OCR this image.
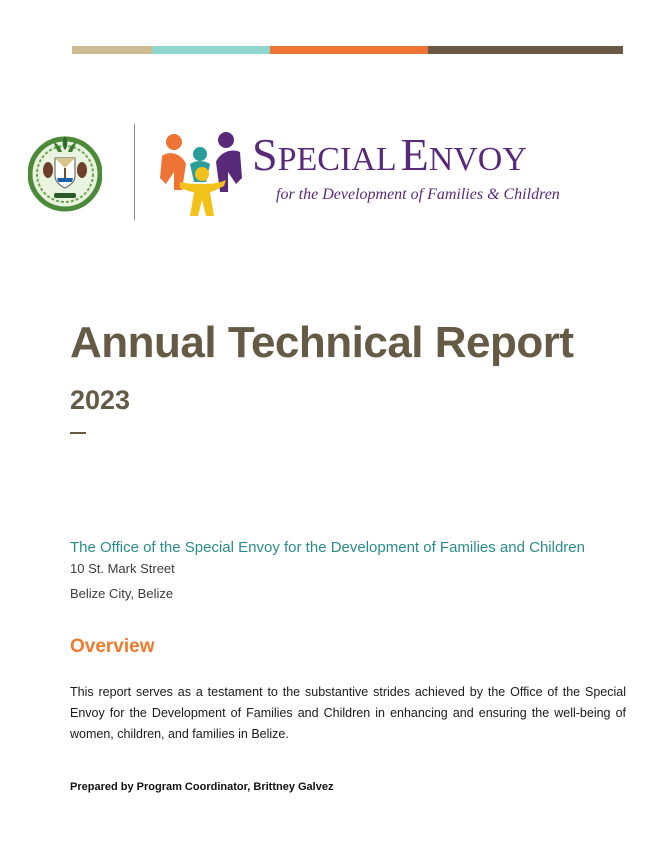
SPECIAL ENVOY
for the Development of Families & Children
Annual Technical Report
2023
The Office of the Special Envoy for the Development of Families and Children
10 St. Mark Street
Belize City, Belize
Overview

This report serves as a testament to the substantive strides achieved by the Office of the Special Envoy for the Development of Families and Children in enhancing and ensuring the well-being of women, children, and families in Belize.

Prepared by Program Coordinator, Brittney Galvez
